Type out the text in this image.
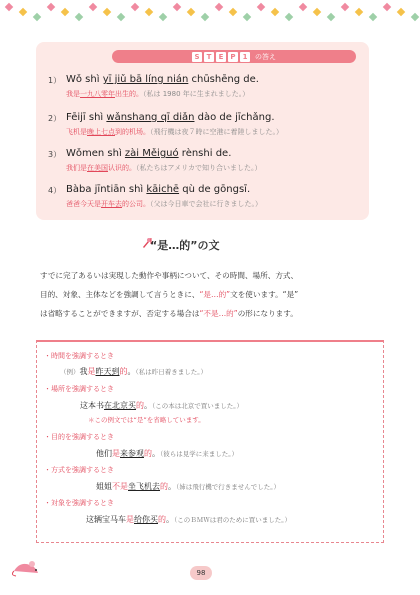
S	T	E	P	1	の答え
1） Wǒ shì yī jiǔ bā líng nián chūshēng de.
我是一九八零年出生的。（私は 1980 年に生まれました。）
2） Fēijī shì wǎnshang qī diǎn dào de jīchǎng.
飞机是晚上七点到的机场。（飛行機は夜７時に空港に着陸しました。）
3） Wǒmen shì zài Měiguó rènshi de.
我们是在美国认识的。（私たちはアメリカで知り合いました。）
4） Bàba jīntiān shì kāichē qù de gōngsī.
爸爸今天是开车去的公司。（父は今日車で会社に行きました。）
“是…的”の文
すでに完了あるいは実現した動作や事柄について、その時間、場所、方式、
目的、対象、主体などを強調して言うときに、“是…的”文を使います。“是”
は省略することができますが、否定する場合は“不是…的”の形になります。
・時間を強調するとき
（例）我是昨天到的。（私は昨日着きました。）
・場所を強調するとき
这本书在北京买的。（この本は北京で買いました。）
＊この例文では“是”を省略しています。
・目的を強調するとき
他们是来参观的。（彼らは見学に来ました。）
・方式を強調するとき
姐姐不是坐飞机去的。（姉は飛行機で行きませんでした。）
・対象を強調するとき
这辆宝马车是给你买的。（このＢＭＷは君のために買いました。）
98
